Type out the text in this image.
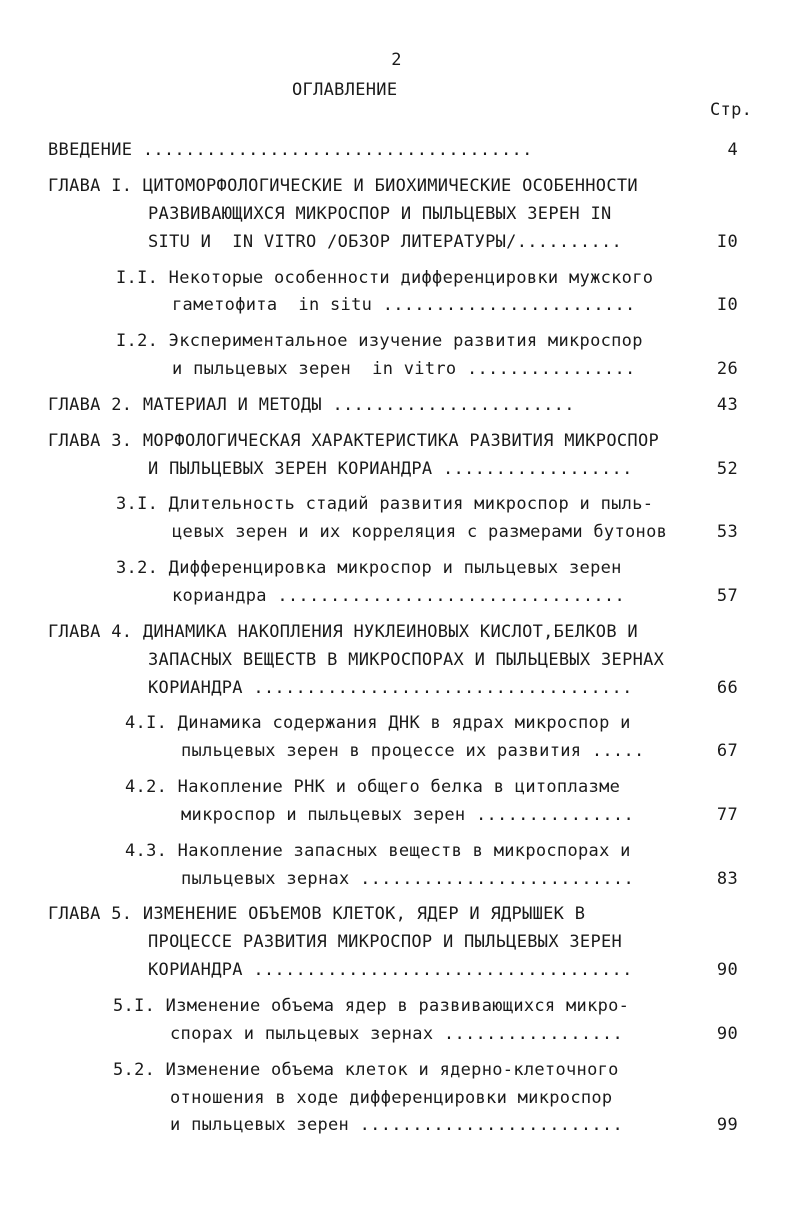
2
ОГЛАВЛЕНИЕ
Стр.
ВВЕДЕНИЕ .....................................	4
ГЛАВА I. ЦИТОМОРФОЛОГИЧЕСКИЕ И БИОХИМИЧЕСКИЕ ОСОБЕННОСТИ
РАЗВИВАЮЩИХСЯ МИКРОСПОР И ПЫЛЬЦЕВЫХ ЗЕРЕН IN
SITU И  IN VITRO /ОБЗОР ЛИТЕРАТУРЫ/..........	I0
I.I. Некоторые особенности дифференцировки мужского
гаметофита  in situ ........................	I0
I.2. Экспериментальное изучение развития микроспор
и пыльцевых зерен  in vitro ................	26
ГЛАВА 2. МАТЕРИАЛ И МЕТОДЫ .......................	43
ГЛАВА 3. МОРФОЛОГИЧЕСКАЯ ХАРАКТЕРИСТИКА РАЗВИТИЯ МИКРОСПОР
И ПЫЛЬЦЕВЫХ ЗЕРЕН КОРИАНДРА ..................	52
3.I. Длительность стадий развития микроспор и пыль-
цевых зерен и их корреляция с размерами бутонов	53
3.2. Дифференцировка микроспор и пыльцевых зерен
кориандра .................................	57
ГЛАВА 4. ДИНАМИКА НАКОПЛЕНИЯ НУКЛЕИНОВЫХ КИСЛОТ,БЕЛКОВ И
ЗАПАСНЫХ ВЕЩЕСТВ В МИКРОСПОРАХ И ПЫЛЬЦЕВЫХ ЗЕРНАХ
КОРИАНДРА ....................................	66
4.I. Динамика содержания ДНК в ядрах микроспор и
пыльцевых зерен в процессе их развития .....	67
4.2. Накопление РНК и общего белка в цитоплазме
микроспор и пыльцевых зерен ...............	77
4.3. Накопление запасных веществ в микроспорах и
пыльцевых зернах ..........................	83
ГЛАВА 5. ИЗМЕНЕНИЕ ОБЪЕМОВ КЛЕТОК, ЯДЕР И ЯДРЫШЕК В
ПРОЦЕССЕ РАЗВИТИЯ МИКРОСПОР И ПЫЛЬЦЕВЫХ ЗЕРЕН
КОРИАНДРА ....................................	90
5.I. Изменение объема ядер в развивающихся микро-
спорах и пыльцевых зернах .................	90
5.2. Изменение объема клеток и ядерно-клеточного
отношения в ходе дифференцировки микроспор
и пыльцевых зерен .........................	99
